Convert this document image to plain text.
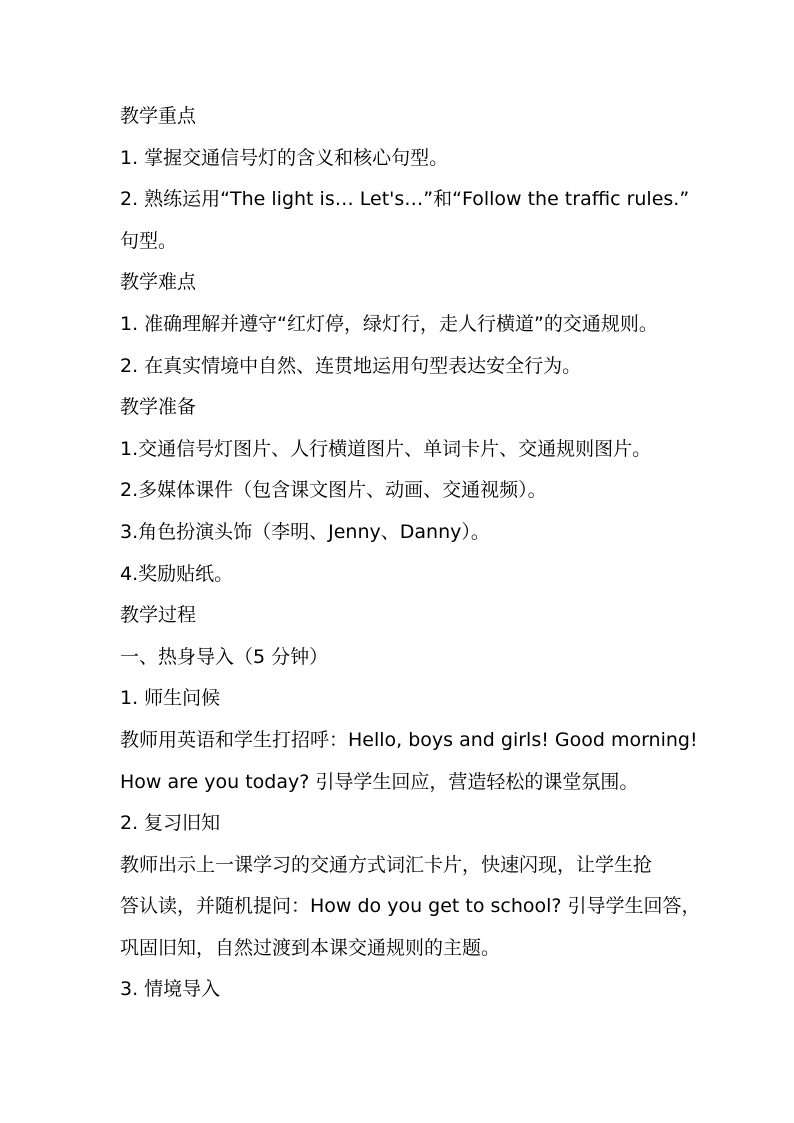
教学重点
1. 掌握交通信号灯的含义和核心句型。
2. 熟练运用“The light is… Let's…”和“Follow the traffic rules.”
句型。
教学难点
1. 准确理解并遵守“红灯停，绿灯行，走人行横道”的交通规则。
2. 在真实情境中自然、连贯地运用句型表达安全行为。
教学准备
1.交通信号灯图片、人行横道图片、单词卡片、交通规则图片。
2.多媒体课件（包含课文图片、动画、交通视频）。
3.角色扮演头饰（李明、Jenny、Danny）。
4.奖励贴纸。
教学过程
一、热身导入（5 分钟）
1. 师生问候
教师用英语和学生打招呼：Hello, boys and girls! Good morning!
How are you today? 引导学生回应，营造轻松的课堂氛围。
2. 复习旧知
教师出示上一课学习的交通方式词汇卡片，快速闪现，让学生抢
答认读，并随机提问：How do you get to school? 引导学生回答，
巩固旧知，自然过渡到本课交通规则的主题。
3. 情境导入
